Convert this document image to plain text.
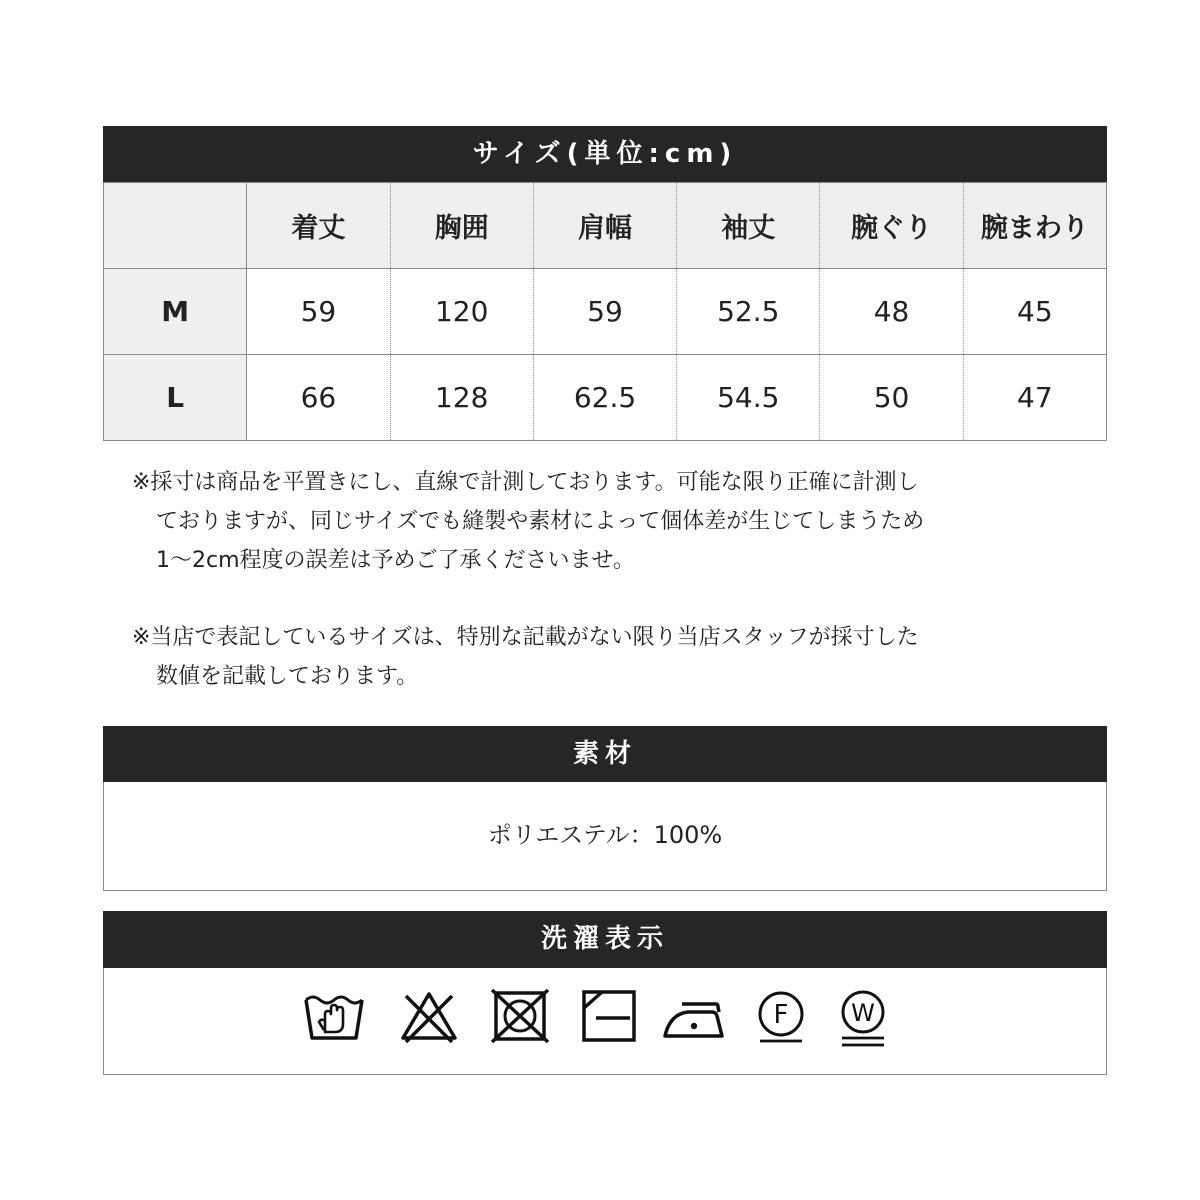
サイズ(単位:cm)
	着丈	胸囲	肩幅	袖丈	腕ぐり	腕まわり
M	59	120	59	52.5	48	45
L	66	128	62.5	54.5	50	47
※採寸は商品を平置きにし、直線で計測しております。可能な限り正確に計測し
ておりますが、同じサイズでも縫製や素材によって個体差が生じてしまうため
1〜2cm程度の誤差は予めご了承くださいませ。
※当店で表記しているサイズは、特別な記載がない限り当店スタッフが採寸した
数値を記載しております。
素材
ポリエステル：100%
洗濯表示
F	W
